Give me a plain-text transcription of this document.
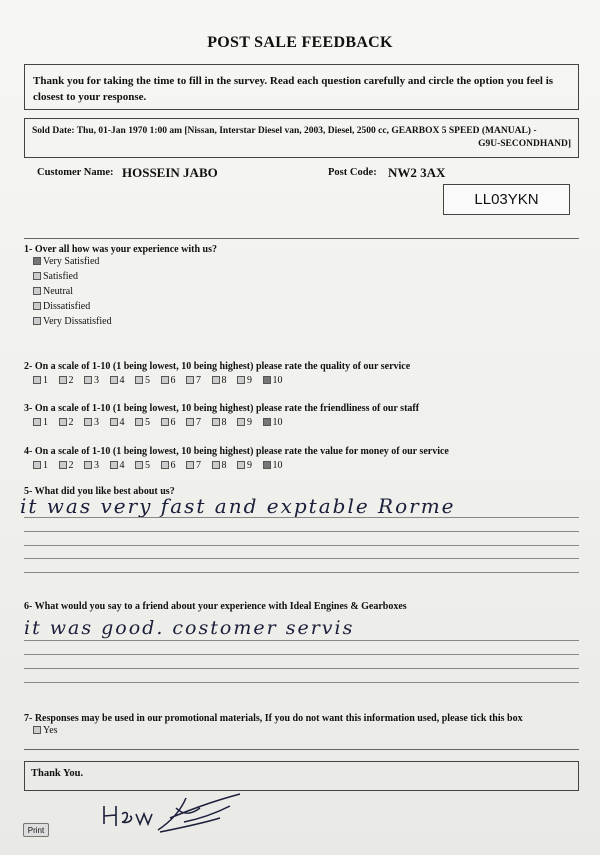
POST SALE FEEDBACK
Thank you for taking the time to fill in the survey. Read each question carefully and circle the option you feel is closest to your response.
Sold Date: Thu, 01-Jan 1970 1:00 am [Nissan, Interstar Diesel van, 2003, Diesel, 2500 cc, GEARBOX 5 SPEED (MANUAL) -
G9U-SECONDHAND]
Customer Name: HOSSEIN JABO	Post Code: NW2 3AX
LL03YKN
1- Over all how was your experience with us?
Very Satisfied
Satisfied
Neutral
Dissatisfied
Very Dissatisfied
2- On a scale of 1-10 (1 being lowest, 10 being highest) please rate the quality of our service
1 2 3 4 5 6 7 8 9 10
3- On a scale of 1-10 (1 being lowest, 10 being highest) please rate the friendliness of our staff
1 2 3 4 5 6 7 8 9 10
4- On a scale of 1-10 (1 being lowest, 10 being highest) please rate the value for money of our service
1 2 3 4 5 6 7 8 9 10
5- What did you like best about us?
it was very fast and exptable Rorme
6- What would you say to a friend about your experience with Ideal Engines & Gearboxes
it was good. costomer servis
7- Responses may be used in our promotional materials, If you do not want this information used, please tick this box
Yes
Thank You.
Print
